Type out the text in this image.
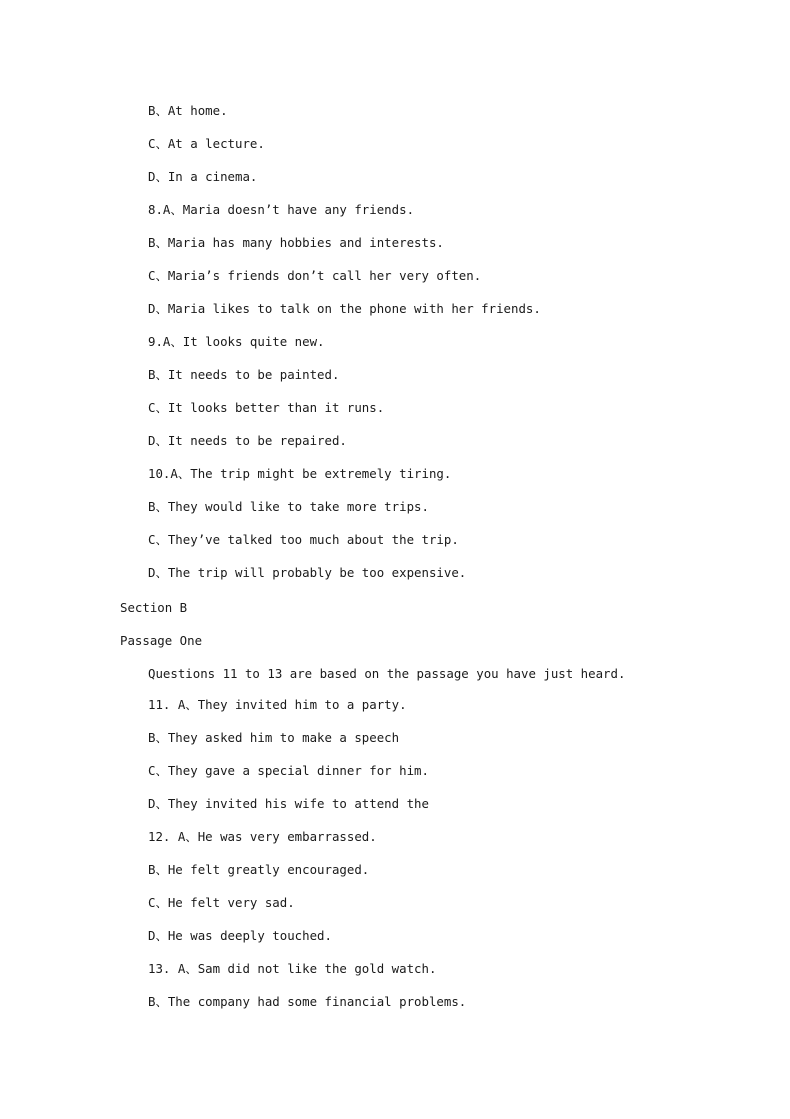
B、At home.
C、At a lecture.
D、In a cinema.
8.A、Maria doesn’t have any friends.
B、Maria has many hobbies and interests.
C、Maria’s friends don’t call her very often.
D、Maria likes to talk on the phone with her friends.
9.A、It looks quite new.
B、It needs to be painted.
C、It looks better than it runs.
D、It needs to be repaired.
10.A、The trip might be extremely tiring.
B、They would like to take more trips.
C、They’ve talked too much about the trip.
D、The trip will probably be too expensive.
Section B
Passage One
Questions 11 to 13 are based on the passage you have just heard.
11. A、They invited him to a party.
B、They asked him to make a speech
C、They gave a special dinner for him.
D、They invited his wife to attend the
12. A、He was very embarrassed.
B、He felt greatly encouraged.
C、He felt very sad.
D、He was deeply touched.
13. A、Sam did not like the gold watch.
B、The company had some financial problems.
